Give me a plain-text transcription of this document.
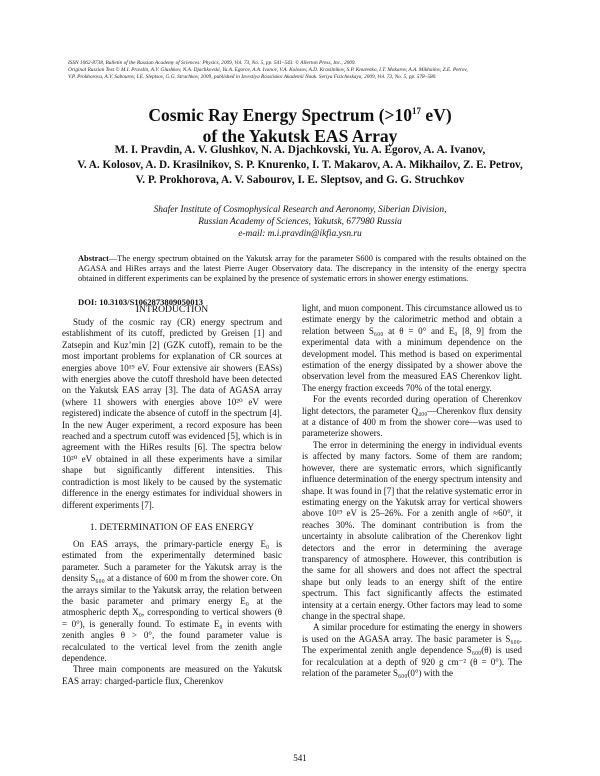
ISSN 1062-8738, Bulletin of the Russian Academy of Sciences: Physics, 2009, Vol. 73, No. 5, pp. 541–543. © Allerton Press, Inc., 2009.

Original Russian Text © M.I. Pravdin, A.V. Glushkov, N.A. Djachkovski, Yu.A. Egorov, A.A. Ivanov, V.A. Kolosov, A.D. Krasilnikov, S.P. Knurenko, I.T. Makarov, A.A. Mikhailov, Z.E. Petrov,

V.P. Prokhorova, A.V. Sabourov, I.E. Sleptsov, G.G. Struchkov, 2009, published in Izvestiya Rossiiskoi Akademii Nauk. Seriya Fizicheskaya, 2009, Vol. 73, No. 5, pp. 578–580.

Cosmic Ray Energy Spectrum ($>10^{17}$ eV)
of the Yakutsk EAS Array
M. I. Pravdin, A. V. Glushkov, N. A. Djachkovski, Yu. A. Egorov, A. A. Ivanov,
V. A. Kolosov, A. D. Krasilnikov, S. P. Knurenko, I. T. Makarov, A. A. Mikhailov, Z. E. Petrov,
V. P. Prokhorova, A. V. Sabourov, I. E. Sleptsov, and G. G. Struchkov
Shafer Institute of Cosmophysical Research and Aeronomy, Siberian Division,
Russian Academy of Sciences, Yakutsk, 677980 Russia
e-mail: m.i.pravdin@ikfia.ysn.ru
Abstract—The energy spectrum obtained on the Yakutsk array for the parameter S600 is compared with the results obtained on the AGASA and HiRes arrays and the latest Pierre Auger Observatory data. The discrepancy in the intensity of the energy spectra obtained in different experiments can be explained by the presence of systematic errors in shower energy estimations.
DOI: 10.3103/S1062873809050013
INTRODUCTION

Study of the cosmic ray (CR) energy spectrum and establishment of its cutoff, predicted by Greisen [1] and Zatsepin and Kuz’min [2] (GZK cutoff), remain to be the most important problems for explanation of CR sources at energies above 10¹⁹ eV. Four extensive air showers (EASs) with energies above the cutoff threshold have been detected on the Yakutsk EAS array [3]. The data of AGASA array (where 11 showers with energies above 10²⁰ eV were registered) indicate the absence of cutoff in the spectrum [4]. In the new Auger experiment, a record exposure has been reached and a spectrum cutoff was evidenced [5], which is in agreement with the HiRes results [6]. The spectra below 10²⁰ eV obtained in all these experiments have a similar shape but significantly different intensities. This contradiction is most likely to be caused by the systematic difference in the energy estimates for individual showers in different experiments [7].

1. DETERMINATION OF EAS ENERGY

On EAS arrays, the primary-particle energy E₀ is estimated from the experimentally determined basic parameter. Such a parameter for the Yakutsk array is the density S₆₀₀ at a distance of 600 m from the shower core. On the arrays similar to the Yakutsk array, the relation between the basic parameter and primary energy E₀ at the atmospheric depth X₀, corresponding to vertical showers (θ = 0°), is generally found. To estimate E₀ in events with zenith angles θ > 0°, the found parameter value is recalculated to the vertical level from the zenith angle dependence.

Three main components are measured on the Yakutsk EAS array: charged-particle flux, Cherenkov

light, and muon component. This circumstance allowed us to estimate energy by the calorimetric method and obtain a relation between S₆₀₀ at θ = 0° and E₀ [8, 9] from the experimental data with a minimum dependence on the development model. This method is based on experimental estimation of the energy dissipated by a shower above the observation level from the measured EAS Cherenkov light. The energy fraction exceeds 70% of the total energy.

For the events recorded during operation of Cherenkov light detectors, the parameter Q₄₀₀—Cherenkov flux density at a distance of 400 m from the shower core—was used to parameterize showers.

The error in determining the energy in individual events is affected by many factors. Some of them are random; however, there are systematic errors, which significantly influence determination of the energy spectrum intensity and shape. It was found in [7] that the relative systematic error in estimating energy on the Yakutsk array for vertical showers above 10¹⁹ eV is 25–26%. For a zenith angle of ≈60°, it reaches 30%. The dominant contribution is from the uncertainty in absolute calibration of the Cherenkov light detectors and the error in determining the average transparency of atmosphere. However, this contribution is the same for all showers and does not affect the spectral shape but only leads to an energy shift of the entire spectrum. This fact significantly affects the estimated intensity at a certain energy. Other factors may lead to some change in the spectral shape.

A similar procedure for estimating the energy in showers is used on the AGASA array. The basic parameter is S₆₀₀. The experimental zenith angle dependence S₆₀₀(θ) is used for recalculation at a depth of 920 g cm⁻² (θ = 0°). The relation of the parameter S₆₀₀(0°) with the

541
